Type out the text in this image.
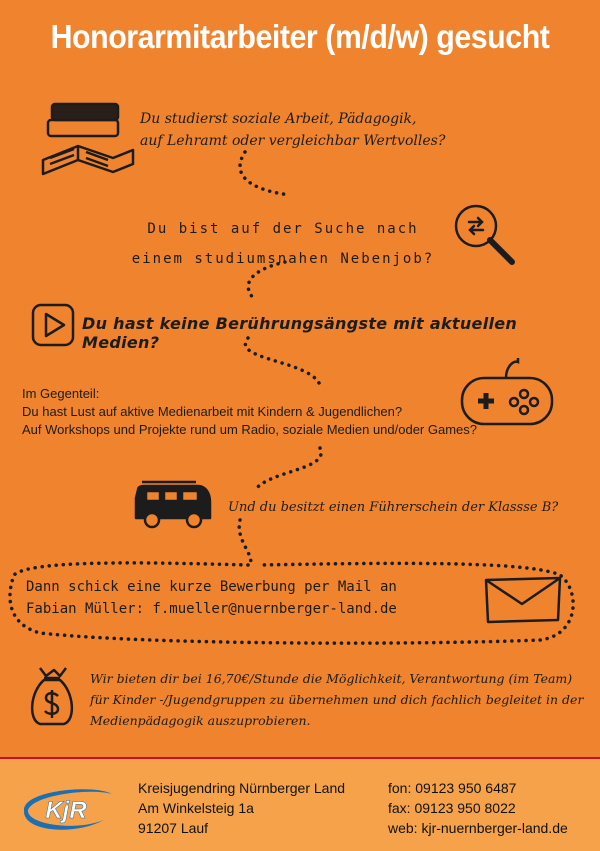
Honorarmitarbeiter (m/d/w) gesucht
Du studierst soziale Arbeit, Pädagogik,
auf Lehramt oder vergleichbar Wertvolles?
Du bist auf der Suche nach
einem studiumsnahen Nebenjob?
Du hast keine Berührungsängste mit aktuellen Medien?
Im Gegenteil:
Du hast Lust auf aktive Medienarbeit mit Kindern & Jugendlichen?
Auf Workshops und Projekte rund um Radio, soziale Medien und/oder Games?
Und du besitzt einen Führerschein der Klassse B?
Dann schick eine kurze Bewerbung per Mail an
Fabian Müller: f.mueller@nuernberger-land.de
Wir bieten dir bei 16,70€/Stunde die Möglichkeit, Verantwortung (im Team) für Kinder -/Jugendgruppen zu übernehmen und dich fachlich begleitet in der Medienpädagogik auszuprobieren.
KjR
Kreisjugendring Nürnberger Land
Am Winkelsteig 1a
91207 Lauf
fon: 09123 950 6487
fax: 09123 950 8022
web: kjr-nuernberger-land.de
